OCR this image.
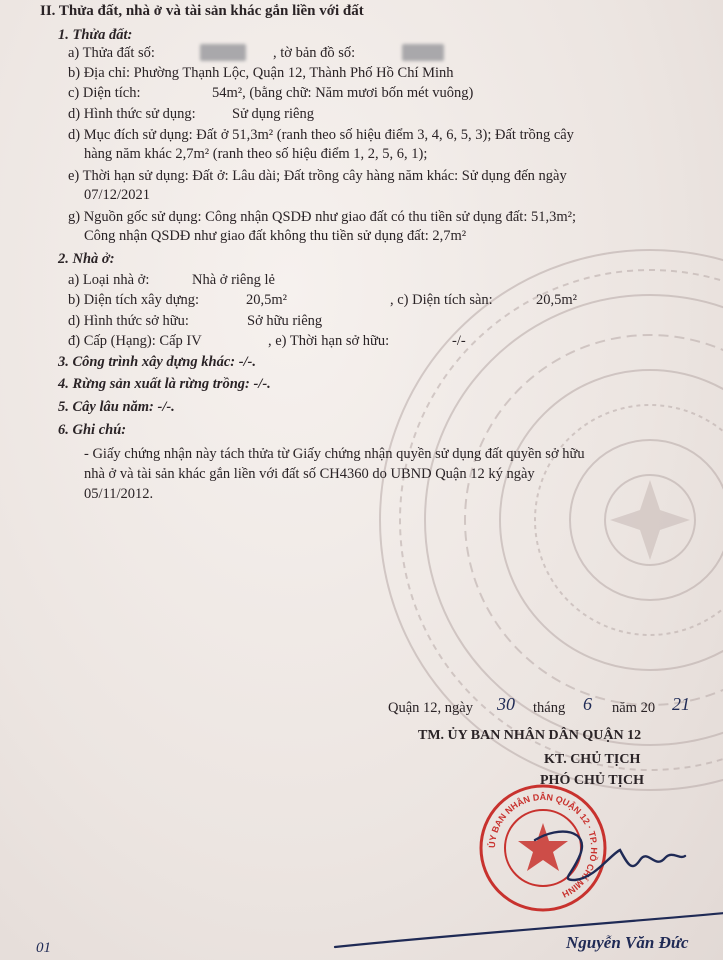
II. Thửa đất, nhà ở và tài sản khác gắn liền với đất
1. Thửa đất:
a) Thửa đất số:	, tờ bản đồ số:
b) Địa chỉ: Phường Thạnh Lộc, Quận 12, Thành Phố Hồ Chí Minh
c) Diện tích:	54m², (bằng chữ: Năm mươi bốn mét vuông)
d) Hình thức sử dụng:	Sử dụng riêng
d) Mục đích sử dụng: Đất ở 51,3m² (ranh theo số hiệu điểm 3, 4, 6, 5, 3); Đất trồng cây
hàng năm khác 2,7m² (ranh theo số hiệu điểm 1, 2, 5, 6, 1);
e) Thời hạn sử dụng: Đất ở: Lâu dài; Đất trồng cây hàng năm khác: Sử dụng đến ngày
07/12/2021
g) Nguồn gốc sử dụng: Công nhận QSDĐ như giao đất có thu tiền sử dụng đất: 51,3m²;
Công nhận QSDĐ như giao đất không thu tiền sử dụng đất: 2,7m²
2. Nhà ở:
a) Loại nhà ở:	Nhà ở riêng lẻ
b) Diện tích xây dựng:	20,5m²	, c) Diện tích sàn:	20,5m²
d) Hình thức sở hữu:	Sở hữu riêng
đ) Cấp (Hạng): Cấp IV	, e) Thời hạn sở hữu:	-/-
3. Công trình xây dựng khác: -/-.
4. Rừng sản xuất là rừng trồng: -/-.
5. Cây lâu năm: -/-.
6. Ghi chú:
- Giấy chứng nhận này tách thửa từ Giấy chứng nhận quyền sử dụng đất quyền sở hữu
nhà ở và tài sản khác gắn liền với đất số CH4360 do UBND Quận 12 ký ngày
05/11/2012.
Quận 12, ngày 30 tháng 6 năm 20 21
TM. ỦY BAN NHÂN DÂN QUẬN 12
KT. CHỦ TỊCH
PHÓ CHỦ TỊCH
ỦY BAN NHÂN DÂN QUẬN 12 · TP. HỒ CHÍ MINH
Nguyễn Văn Đức
01
